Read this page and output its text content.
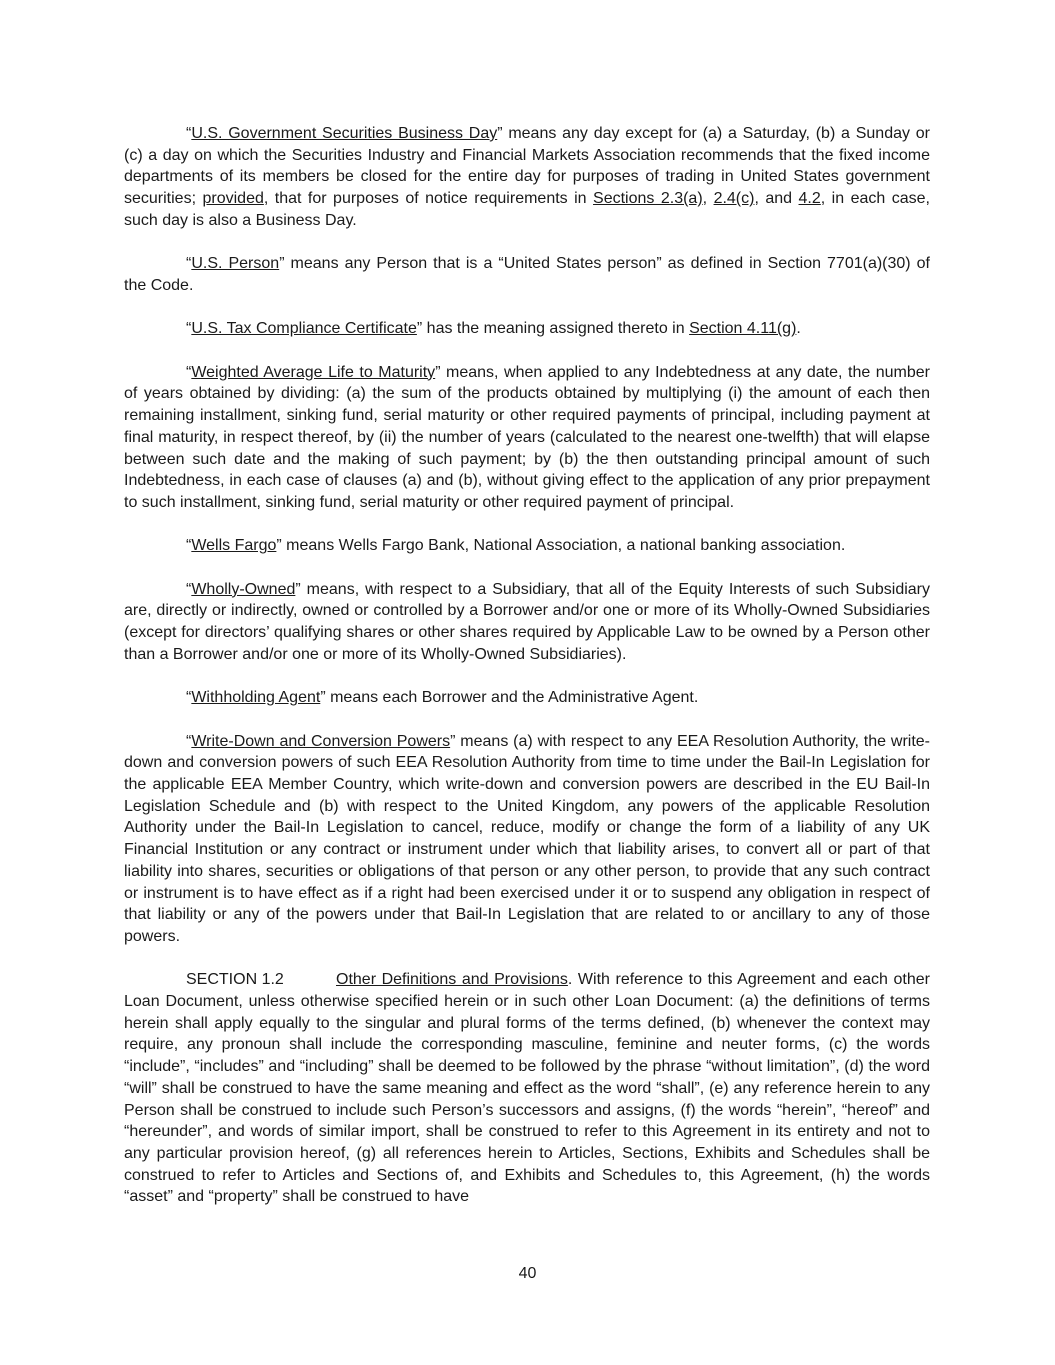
“U.S. Government Securities Business Day” means any day except for (a) a Saturday, (b) a Sunday or (c) a day on which the Securities Industry and Financial Markets Association recommends that the fixed income departments of its members be closed for the entire day for purposes of trading in United States government securities; provided, that for purposes of notice requirements in Sections 2.3(a), 2.4(c), and 4.2, in each case, such day is also a Business Day.

“U.S. Person” means any Person that is a “United States person” as defined in Section 7701(a)(30) of the Code.

“U.S. Tax Compliance Certificate” has the meaning assigned thereto in Section 4.11(g).

“Weighted Average Life to Maturity” means, when applied to any Indebtedness at any date, the number of years obtained by dividing: (a) the sum of the products obtained by multiplying (i) the amount of each then remaining installment, sinking fund, serial maturity or other required payments of principal, including payment at final maturity, in respect thereof, by (ii) the number of years (calculated to the nearest one-twelfth) that will elapse between such date and the making of such payment; by (b) the then outstanding principal amount of such Indebtedness, in each case of clauses (a) and (b), without giving effect to the application of any prior prepayment to such installment, sinking fund, serial maturity or other required payment of principal.

“Wells Fargo” means Wells Fargo Bank, National Association, a national banking association.

“Wholly-Owned” means, with respect to a Subsidiary, that all of the Equity Interests of such Subsidiary are, directly or indirectly, owned or controlled by a Borrower and/or one or more of its Wholly-Owned Subsidiaries (except for directors’ qualifying shares or other shares required by Applicable Law to be owned by a Person other than a Borrower and/or one or more of its Wholly-Owned Subsidiaries).

“Withholding Agent” means each Borrower and the Administrative Agent.

“Write-Down and Conversion Powers” means (a) with respect to any EEA Resolution Authority, the write-down and conversion powers of such EEA Resolution Authority from time to time under the Bail-In Legislation for the applicable EEA Member Country, which write-down and conversion powers are described in the EU Bail-In Legislation Schedule and (b) with respect to the United Kingdom, any powers of the applicable Resolution Authority under the Bail-In Legislation to cancel, reduce, modify or change the form of a liability of any UK Financial Institution or any contract or instrument under which that liability arises, to convert all or part of that liability into shares, securities or obligations of that person or any other person, to provide that any such contract or instrument is to have effect as if a right had been exercised under it or to suspend any obligation in respect of that liability or any of the powers under that Bail-In Legislation that are related to or ancillary to any of those powers.

SECTION 1.2	Other Definitions and Provisions. With reference to this Agreement and each other Loan Document, unless otherwise specified herein or in such other Loan Document: (a) the definitions of terms herein shall apply equally to the singular and plural forms of the terms defined, (b) whenever the context may require, any pronoun shall include the corresponding masculine, feminine and neuter forms, (c) the words “include”, “includes” and “including” shall be deemed to be followed by the phrase “without limitation”, (d) the word “will” shall be construed to have the same meaning and effect as the word “shall”, (e) any reference herein to any Person shall be construed to include such Person’s successors and assigns, (f) the words “herein”, “hereof” and “hereunder”, and words of similar import, shall be construed to refer to this Agreement in its entirety and not to any particular provision hereof, (g) all references herein to Articles, Sections, Exhibits and Schedules shall be construed to refer to Articles and Sections of, and Exhibits and Schedules to, this Agreement, (h) the words “asset” and “property” shall be construed to have

40
